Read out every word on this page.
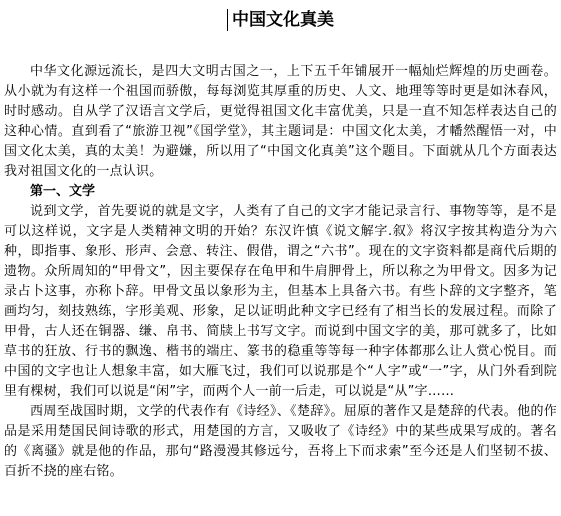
中国文化真美

中华文化源远流长，是四大文明古国之一，上下五千年铺展开一幅灿烂辉煌的历史画卷。从小就为有这样一个祖国而骄傲，每每浏览其厚重的历史、人文、地理等等时更是如沐春风，时时感动。自从学了汉语言文学后，更觉得祖国文化丰富优美，只是一直不知怎样表达自己的这种心情。直到看了“旅游卫视”《国学堂》，其主题词是：中国文化太美，才幡然醒悟一对，中国文化太美，真的太美！为避嫌，所以用了“中国文化真美”这个题目。下面就从几个方面表达我对祖国文化的一点认识。

第一、文学

说到文学，首先要说的就是文字，人类有了自己的文字才能记录言行、事物等等，是不是可以这样说，文字是人类精神文明的开始？东汉许慎《说文解字.叙》将汉字按其构造分为六种，即指事、象形、形声、会意、转注、假借，谓之“六书”。现在的文字资料都是商代后期的遗物。众所周知的“甲骨文”，因主要保存在龟甲和牛肩胛骨上，所以称之为甲骨文。因多为记录占卜这事，亦称卜辞。甲骨文虽以象形为主，但基本上具备六书。有些卜辞的文字整齐，笔画均匀，刻技熟练，字形美观、形象，足以证明此种文字已经有了相当长的发展过程。而除了甲骨，古人还在铜器、缣、帛书、简牍上书写文字。而说到中国文字的美，那可就多了，比如草书的狂放、行书的飘逸、楷书的端庄、篆书的稳重等等每一种字体都那么让人赏心悦目。而中国的文字也让人想象丰富，如大雁飞过，我们可以说那是个“人字”或“一”字，从门外看到院里有棵树，我们可以说是“闲”字，而两个人一前一后走，可以说是“从”字……

西周至战国时期，文学的代表作有《诗经》、《楚辞》。屈原的著作又是楚辞的代表。他的作品是采用楚国民间诗歌的形式，用楚国的方言，又吸收了《诗经》中的某些成果写成的。著名的《离骚》就是他的作品，那句“路漫漫其修远兮，吾将上下而求索”至今还是人们坚韧不拔、百折不挠的座右铭。
